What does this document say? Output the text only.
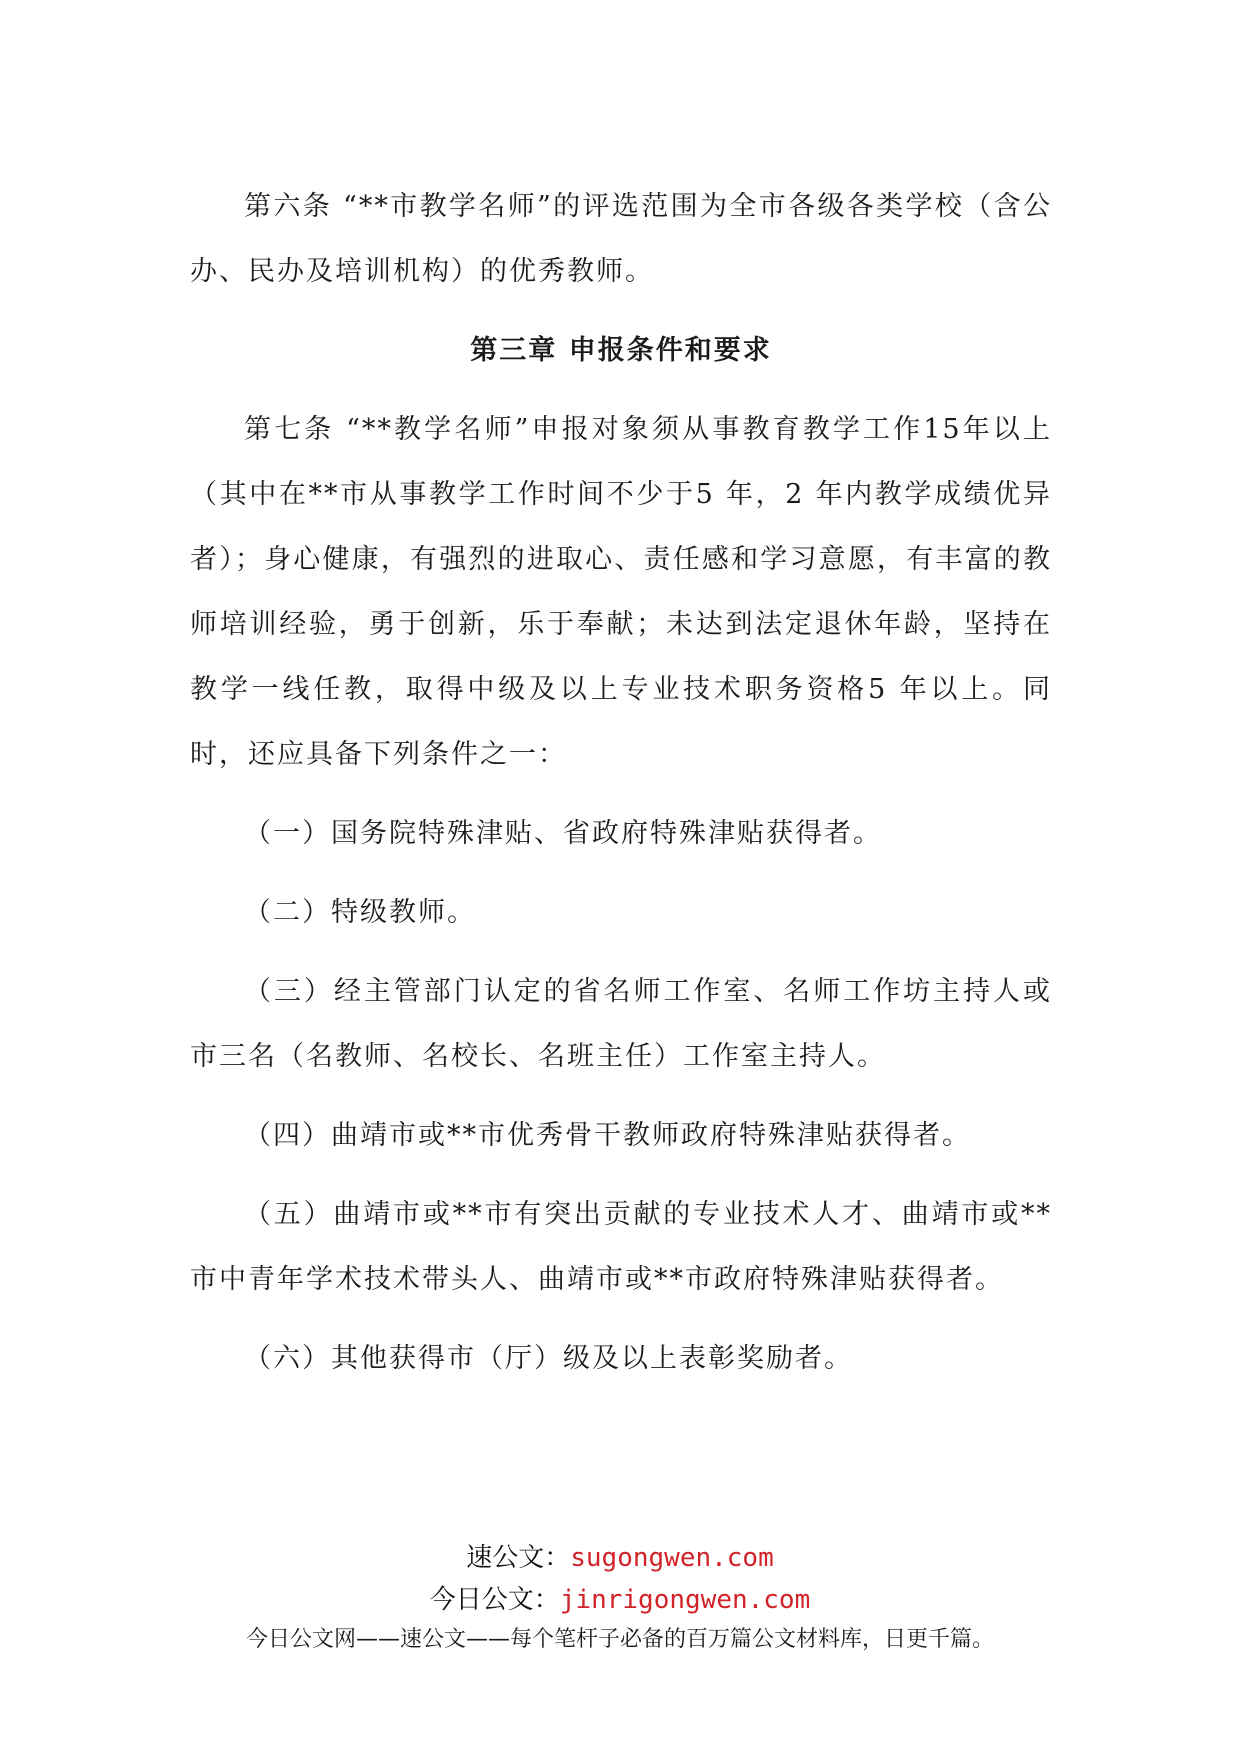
第六条 “**市教学名师”的评选范围为全市各级各类学校（含公办、民办及培训机构）的优秀教师。

第三章 申报条件和要求

第七条 “**教学名师”申报对象须从事教育教学工作15年以上（其中在**市从事教学工作时间不少于5 年，2 年内教学成绩优异者）；身心健康，有强烈的进取心、责任感和学习意愿，有丰富的教师培训经验，勇于创新，乐于奉献；未达到法定退休年龄，坚持在教学一线任教，取得中级及以上专业技术职务资格5 年以上。同时，还应具备下列条件之一：

（一）国务院特殊津贴、省政府特殊津贴获得者。

（二）特级教师。

（三）经主管部门认定的省名师工作室、名师工作坊主持人或市三名（名教师、名校长、名班主任）工作室主持人。

（四）曲靖市或**市优秀骨干教师政府特殊津贴获得者。

（五）曲靖市或**市有突出贡献的专业技术人才、曲靖市或**市中青年学术技术带头人、曲靖市或**市政府特殊津贴获得者。

（六）其他获得市（厅）级及以上表彰奖励者。

速公文：sugongwen.com
今日公文：jinrigongwen.com
今日公文网——速公文——每个笔杆子必备的百万篇公文材料库，日更千篇。
